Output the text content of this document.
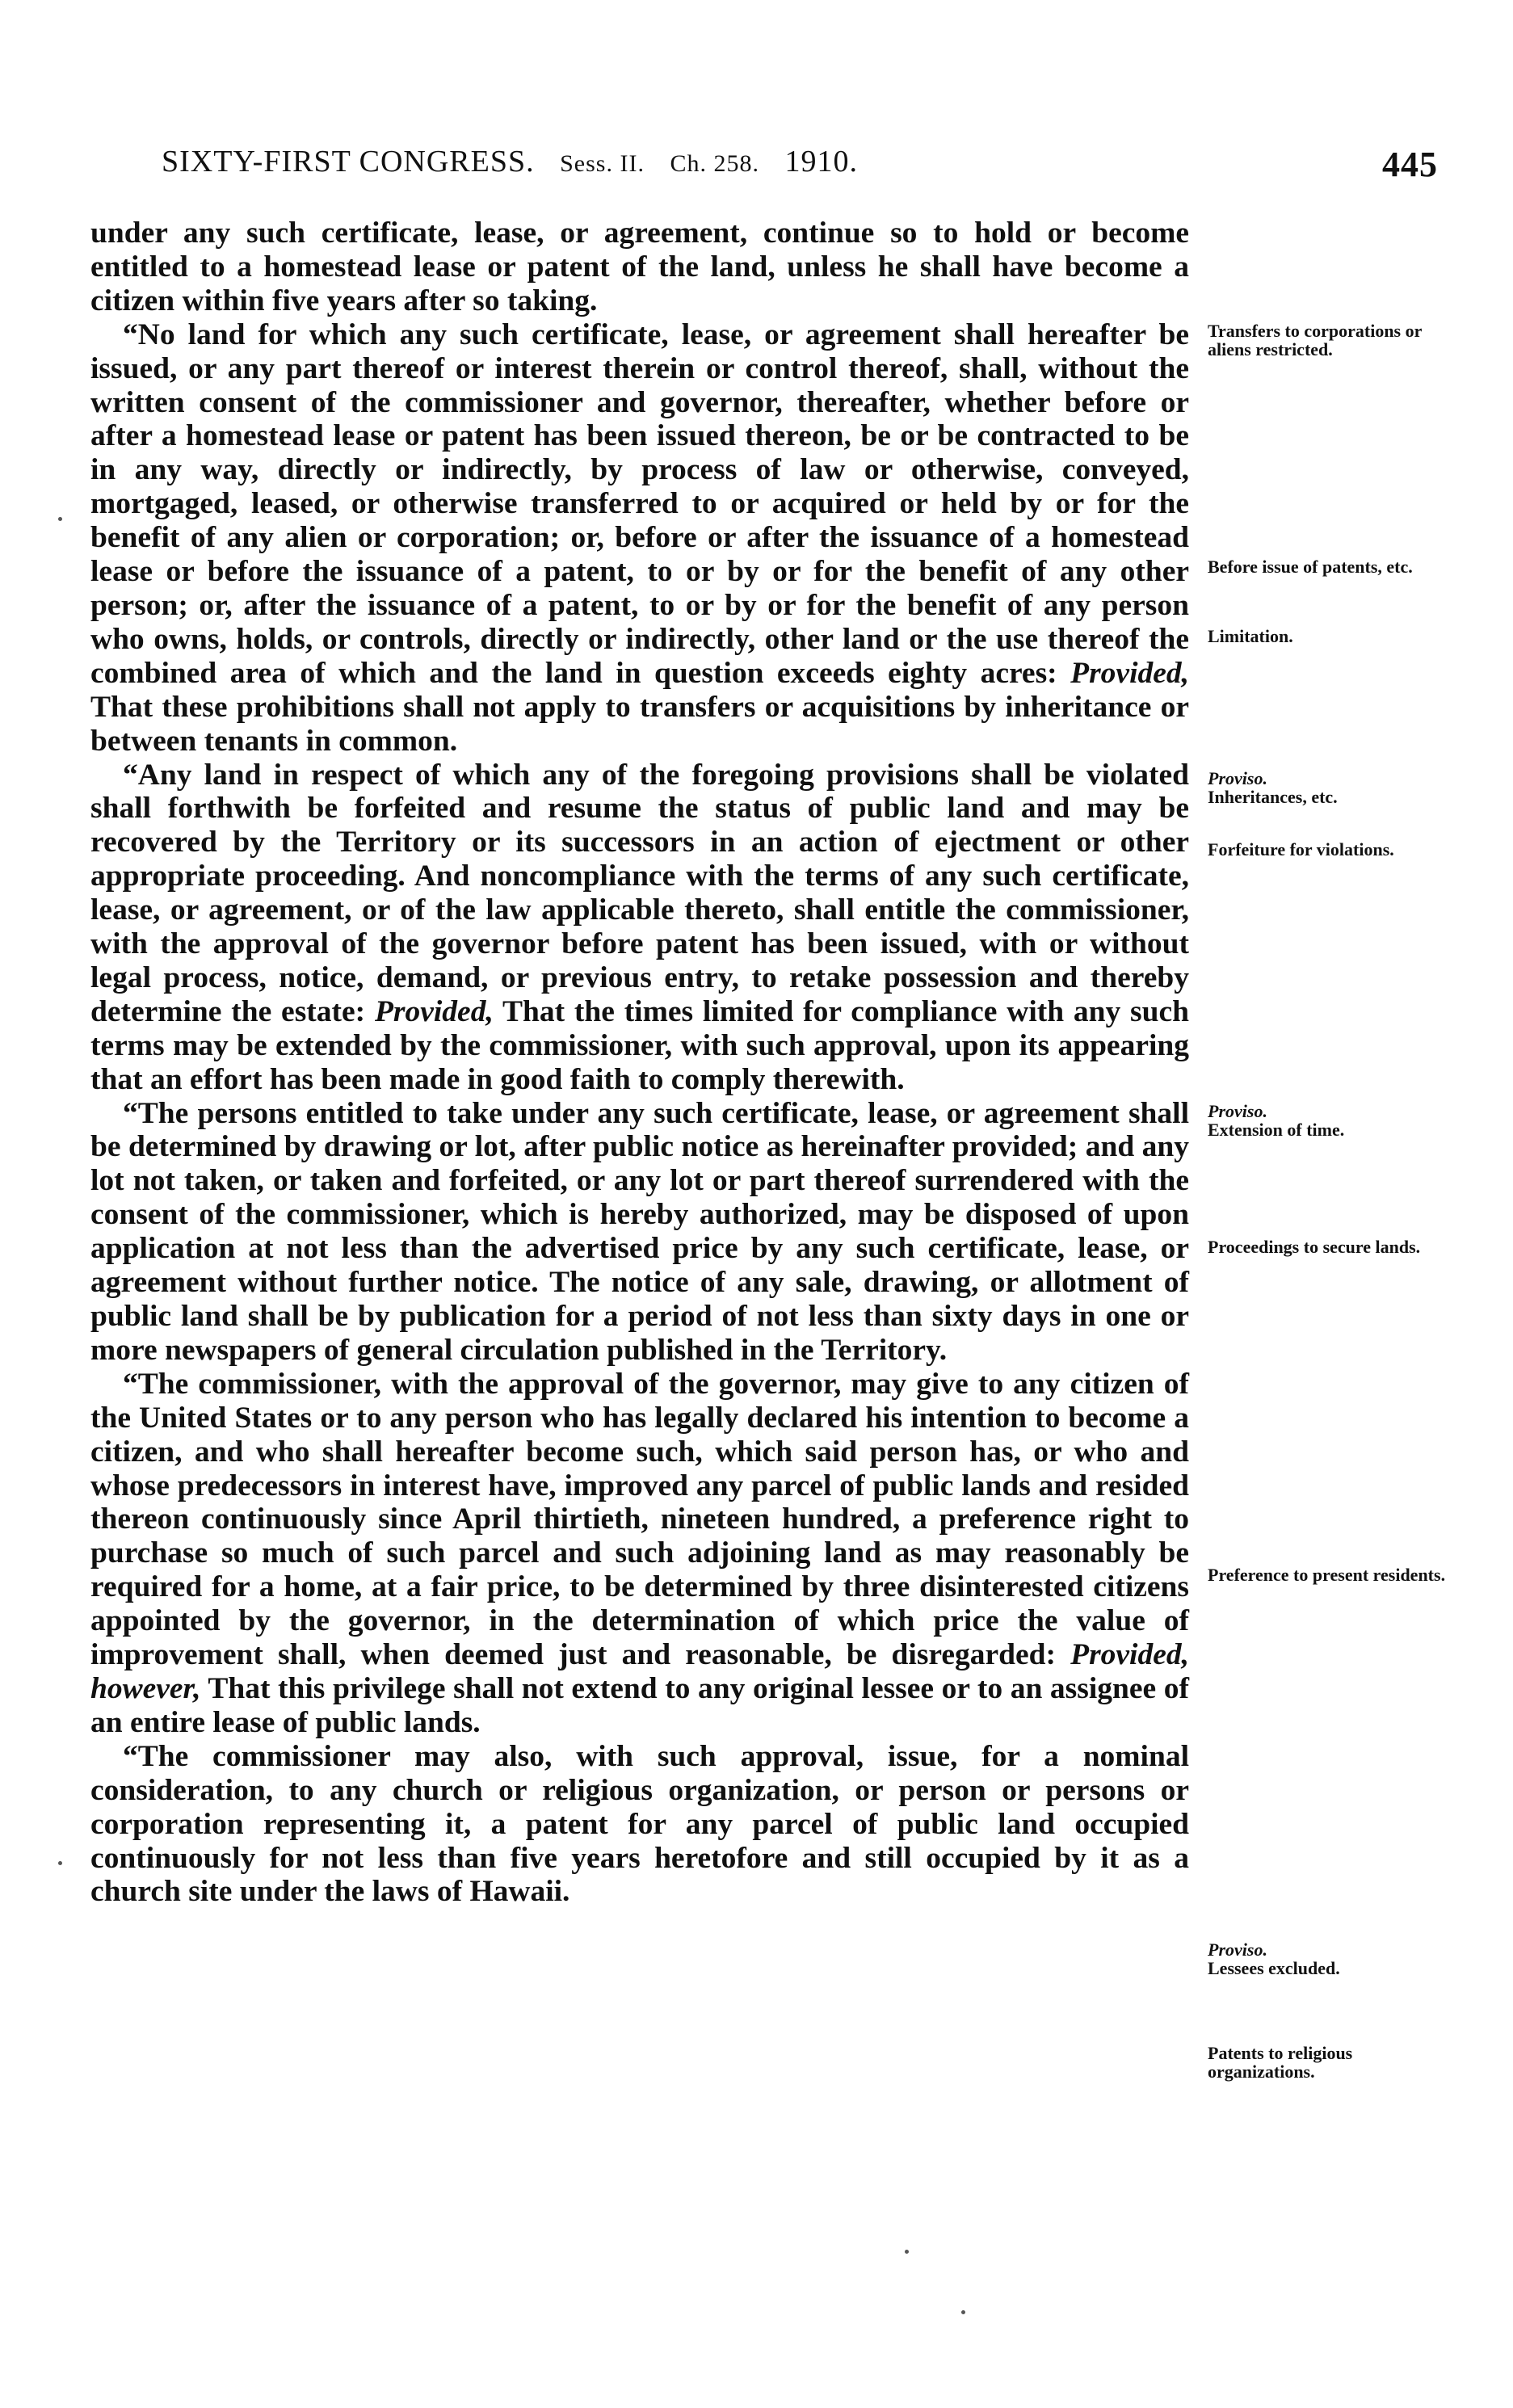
SIXTY-FIRST CONGRESS. Sess. II. Ch. 258. 1910.	445

under any such certificate, lease, or agreement, continue so to hold or become entitled to a homestead lease or patent of the land, unless he shall have become a citizen within five years after so taking.

“No land for which any such certificate, lease, or agreement shall hereafter be issued, or any part thereof or interest therein or control thereof, shall, without the written consent of the commissioner and governor, thereafter, whether before or after a homestead lease or patent has been issued thereon, be or be contracted to be in any way, directly or indirectly, by process of law or otherwise, conveyed, mortgaged, leased, or otherwise transferred to or acquired or held by or for the benefit of any alien or corporation; or, before or after the issuance of a homestead lease or before the issuance of a patent, to or by or for the benefit of any other person; or, after the issuance of a patent, to or by or for the benefit of any person who owns, holds, or controls, directly or indirectly, other land or the use thereof the combined area of which and the land in question exceeds eighty acres: Provided, That these prohibitions shall not apply to transfers or acquisitions by inheritance or between tenants in common.

“Any land in respect of which any of the foregoing provisions shall be violated shall forthwith be forfeited and resume the status of public land and may be recovered by the Territory or its successors in an action of ejectment or other appropriate proceeding. And noncompliance with the terms of any such certificate, lease, or agreement, or of the law applicable thereto, shall entitle the commissioner, with the approval of the governor before patent has been issued, with or without legal process, notice, demand, or previous entry, to retake possession and thereby determine the estate: Provided, That the times limited for compliance with any such terms may be extended by the commissioner, with such approval, upon its appearing that an effort has been made in good faith to comply therewith.

“The persons entitled to take under any such certificate, lease, or agreement shall be determined by drawing or lot, after public notice as hereinafter provided; and any lot not taken, or taken and forfeited, or any lot or part thereof surrendered with the consent of the commissioner, which is hereby authorized, may be disposed of upon application at not less than the advertised price by any such certificate, lease, or agreement without further notice. The notice of any sale, drawing, or allotment of public land shall be by publication for a period of not less than sixty days in one or more newspapers of general circulation published in the Territory.

“The commissioner, with the approval of the governor, may give to any citizen of the United States or to any person who has legally declared his intention to become a citizen, and who shall hereafter become such, which said person has, or who and whose predecessors in interest have, improved any parcel of public lands and resided thereon continuously since April thirtieth, nineteen hundred, a preference right to purchase so much of such parcel and such adjoining land as may reasonably be required for a home, at a fair price, to be determined by three disinterested citizens appointed by the governor, in the determination of which price the value of improvement shall, when deemed just and reasonable, be disregarded: Provided, however, That this privilege shall not extend to any original lessee or to an assignee of an entire lease of public lands.

“The commissioner may also, with such approval, issue, for a nominal consideration, to any church or religious organization, or person or persons or corporation representing it, a patent for any parcel of public land occupied continuously for not less than five years heretofore and still occupied by it as a church site under the laws of Hawaii.

Transfers to corporations or aliens restricted.
Before issue of patents, etc.
Limitation.
Proviso.
Inheritances, etc.
Forfeiture for violations.
Proviso.
Extension of time.
Proceedings to secure lands.
Preference to present residents.
Proviso.
Lessees excluded.
Patents to religious organizations.
